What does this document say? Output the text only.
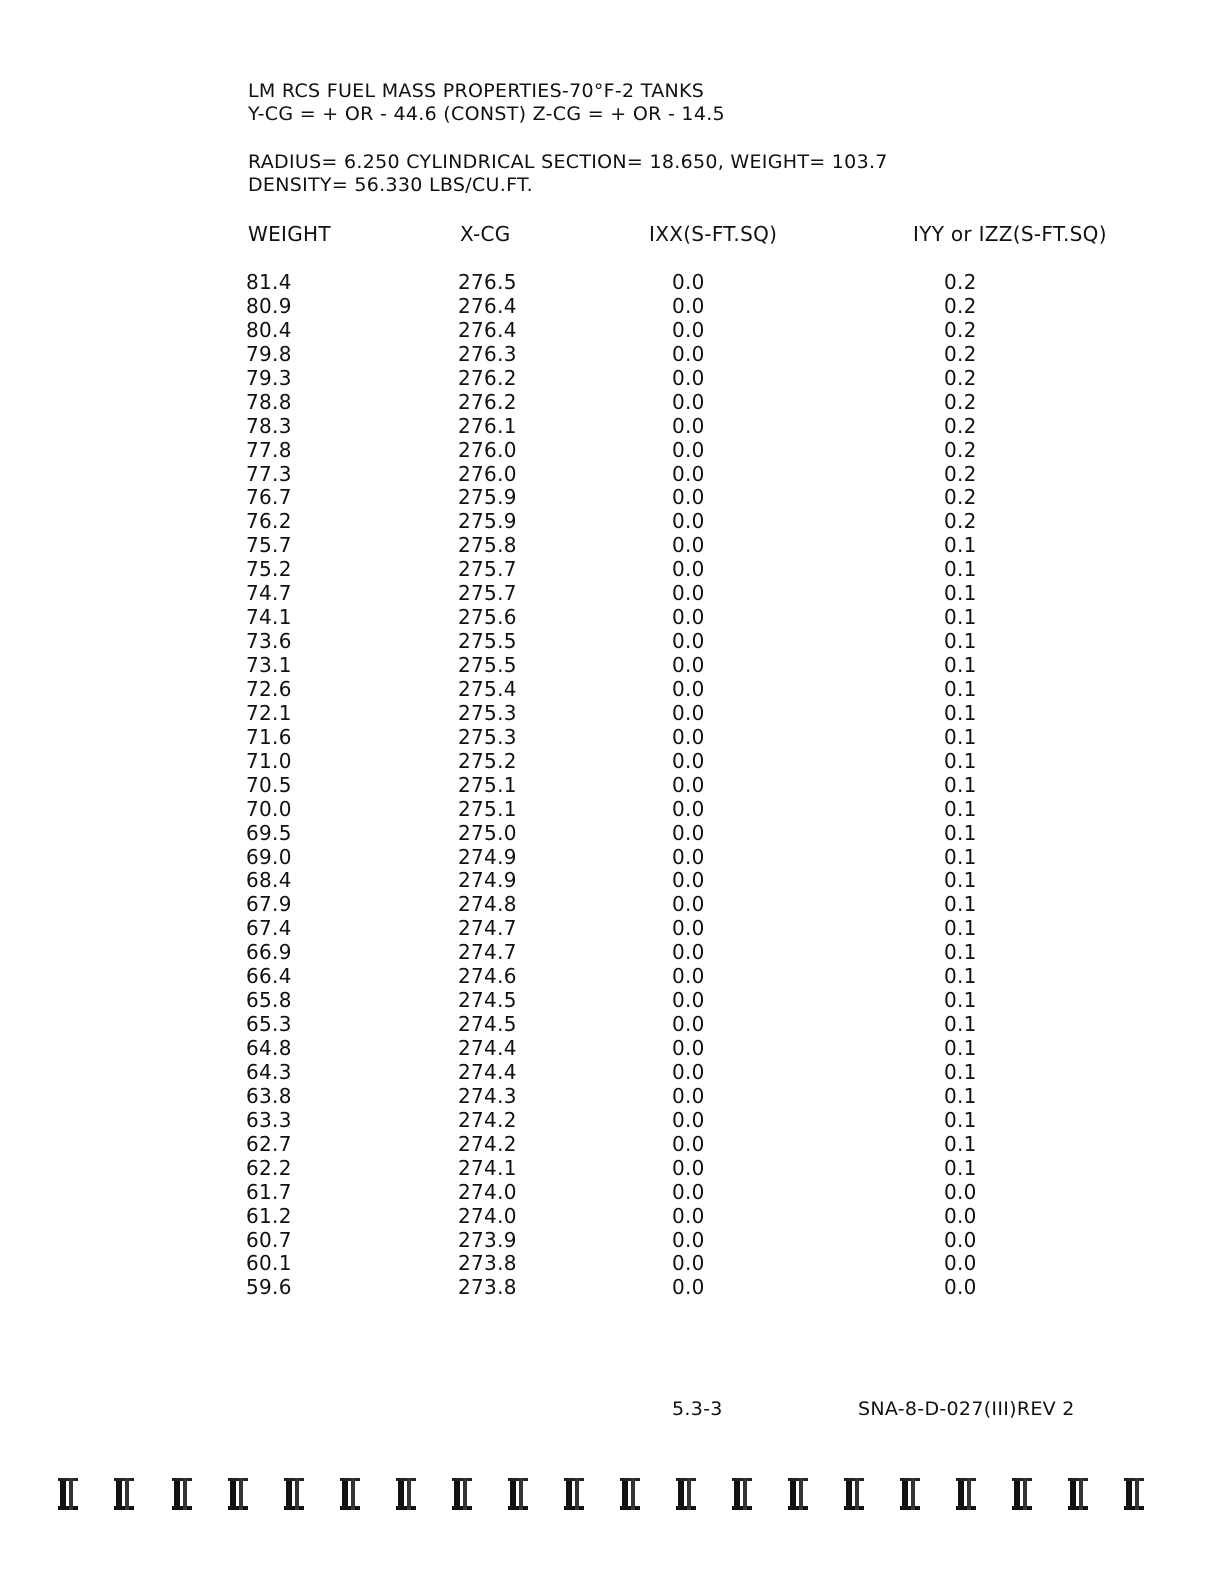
LM RCS FUEL MASS PROPERTIES-70°F-2 TANKS
Y-CG = + OR - 44.6 (CONST) Z-CG = + OR - 14.5
RADIUS= 6.250 CYLINDRICAL SECTION= 18.650, WEIGHT= 103.7
DENSITY= 56.330 LBS/CU.FT.
WEIGHT	X-CG	IXX(S-FT.SQ)	IYY or IZZ(S-FT.SQ)
81.4	276.5	0.0	0.2
80.9	276.4	0.0	0.2
80.4	276.4	0.0	0.2
79.8	276.3	0.0	0.2
79.3	276.2	0.0	0.2
78.8	276.2	0.0	0.2
78.3	276.1	0.0	0.2
77.8	276.0	0.0	0.2
77.3	276.0	0.0	0.2
76.7	275.9	0.0	0.2
76.2	275.9	0.0	0.2
75.7	275.8	0.0	0.1
75.2	275.7	0.0	0.1
74.7	275.7	0.0	0.1
74.1	275.6	0.0	0.1
73.6	275.5	0.0	0.1
73.1	275.5	0.0	0.1
72.6	275.4	0.0	0.1
72.1	275.3	0.0	0.1
71.6	275.3	0.0	0.1
71.0	275.2	0.0	0.1
70.5	275.1	0.0	0.1
70.0	275.1	0.0	0.1
69.5	275.0	0.0	0.1
69.0	274.9	0.0	0.1
68.4	274.9	0.0	0.1
67.9	274.8	0.0	0.1
67.4	274.7	0.0	0.1
66.9	274.7	0.0	0.1
66.4	274.6	0.0	0.1
65.8	274.5	0.0	0.1
65.3	274.5	0.0	0.1
64.8	274.4	0.0	0.1
64.3	274.4	0.0	0.1
63.8	274.3	0.0	0.1
63.3	274.2	0.0	0.1
62.7	274.2	0.0	0.1
62.2	274.1	0.0	0.1
61.7	274.0	0.0	0.0
61.2	274.0	0.0	0.0
60.7	273.9	0.0	0.0
60.1	273.8	0.0	0.0
59.6	273.8	0.0	0.0
5.3-3	SNA-8-D-027(III)REV 2
